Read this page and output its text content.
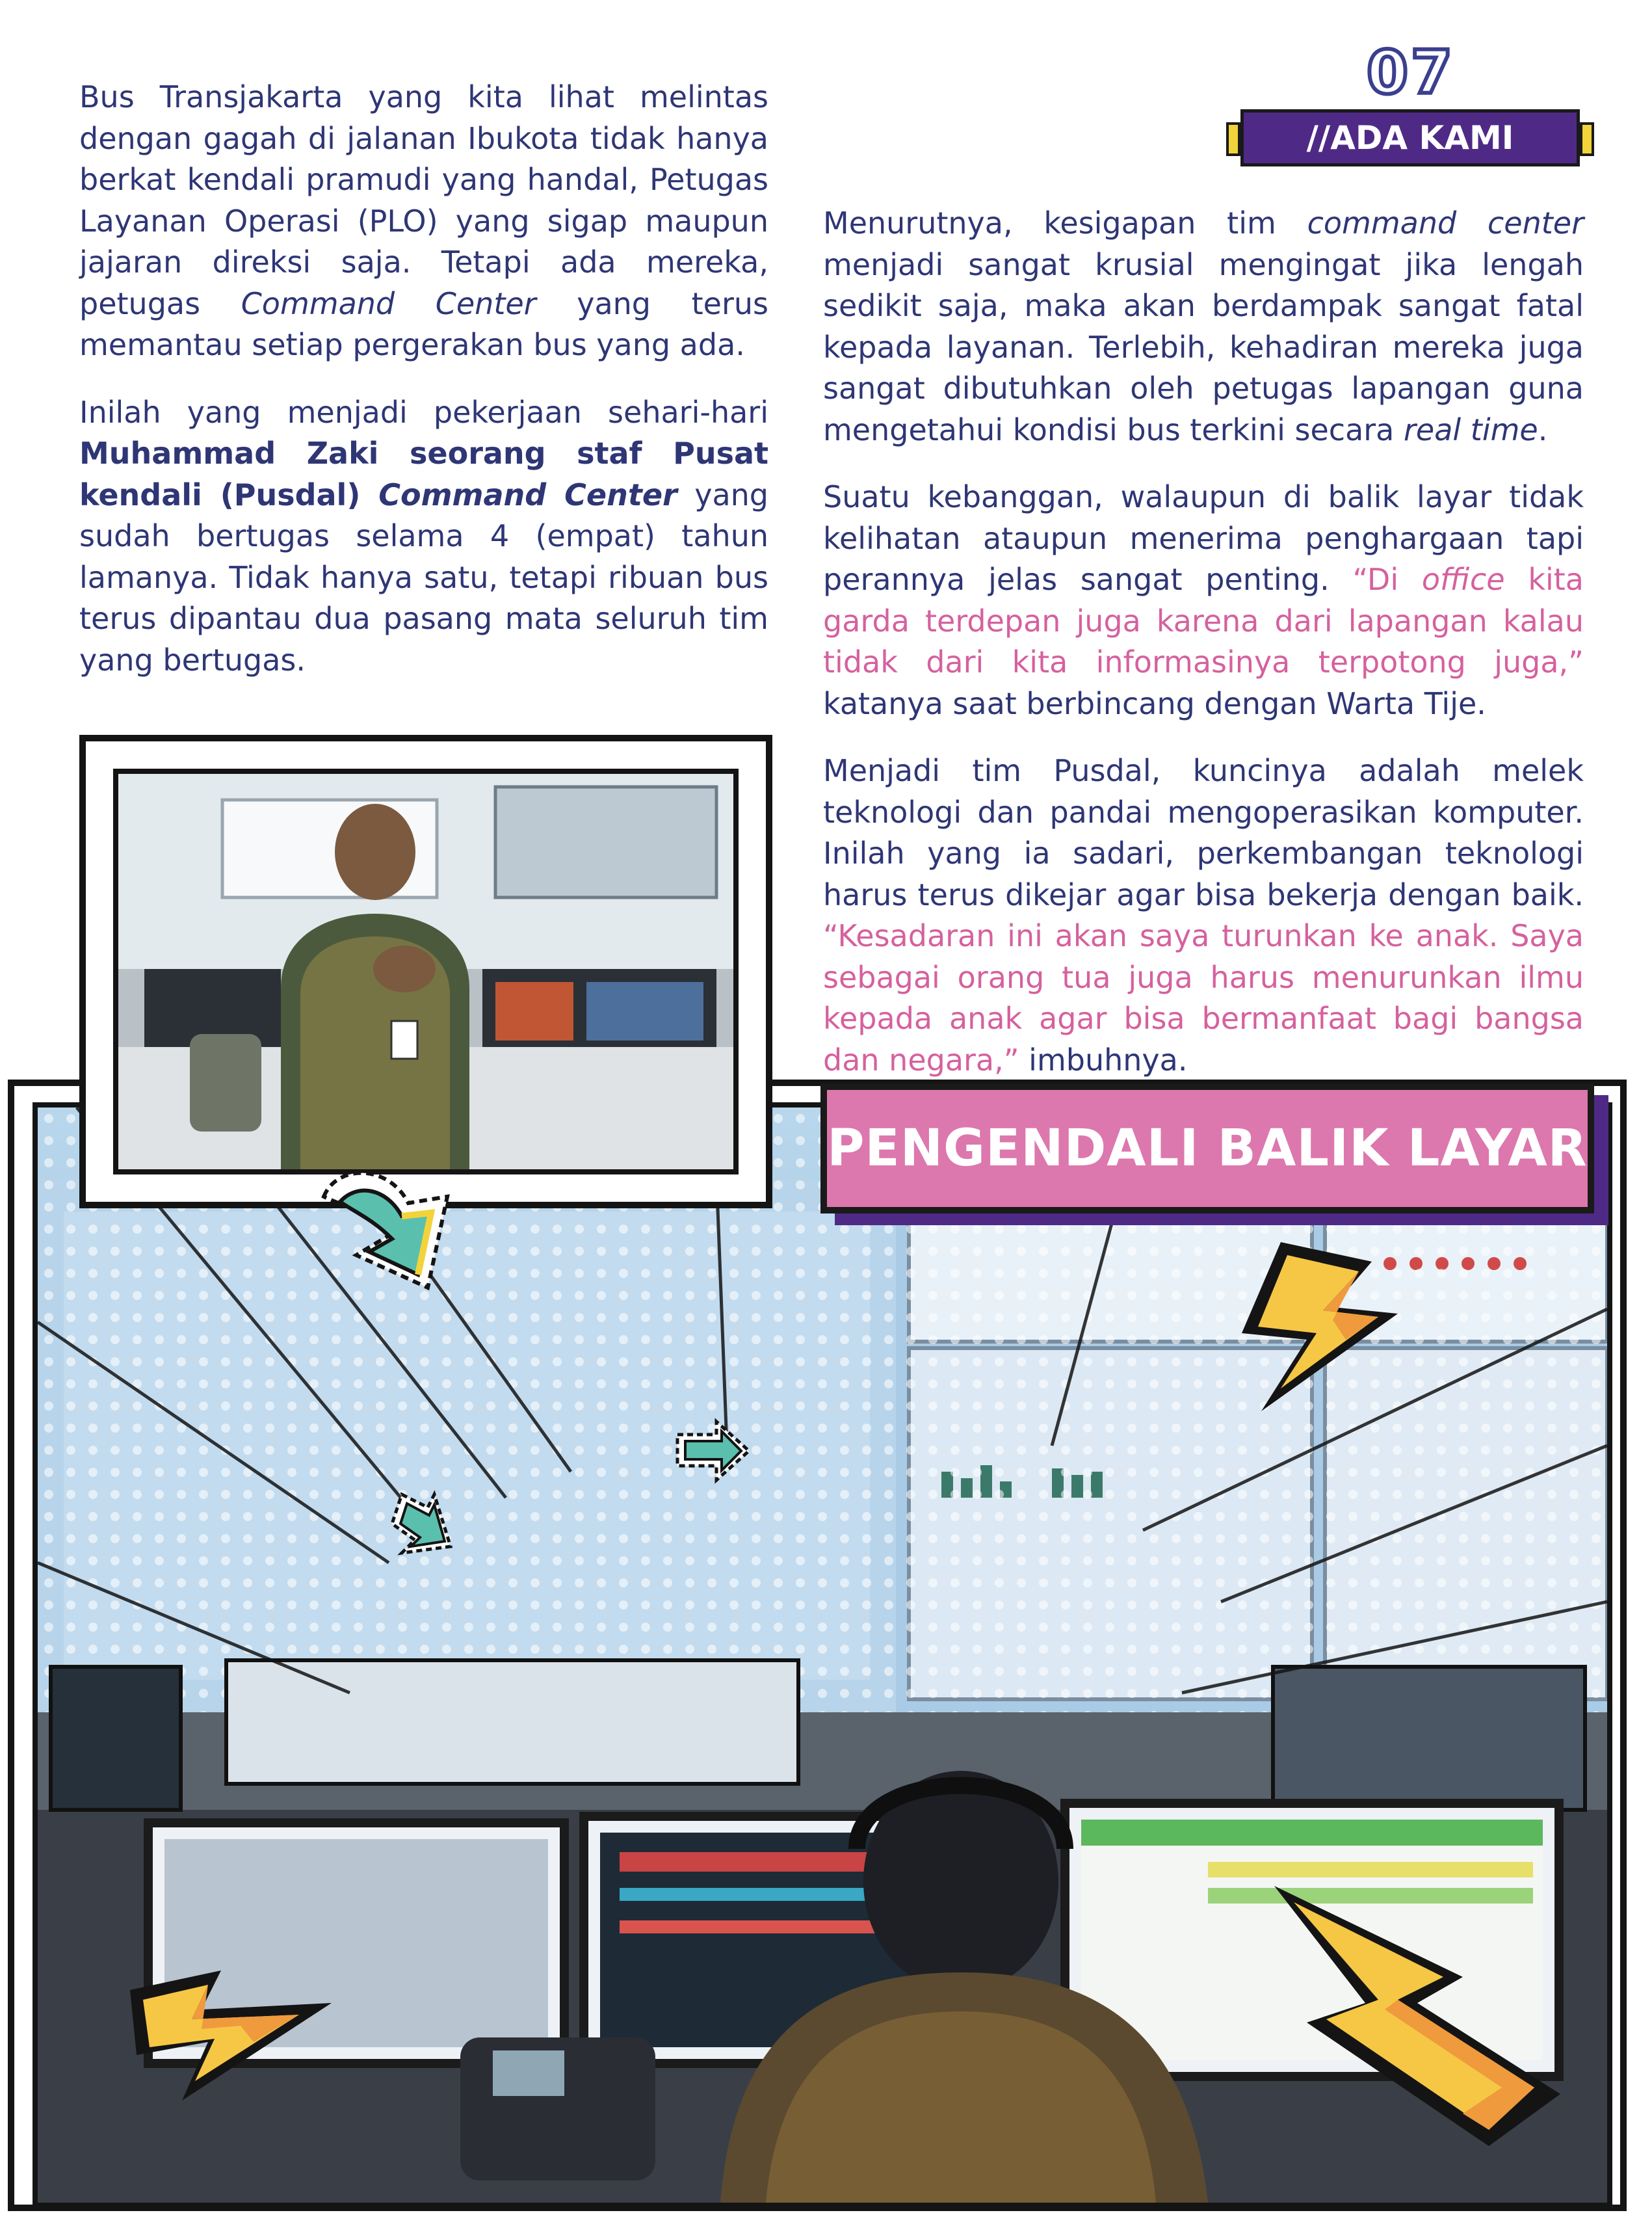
07
//ADA KAMI

Bus Transjakarta yang kita lihat melintas dengan gagah di jalanan Ibukota tidak hanya berkat kendali pramudi yang handal, Petugas Layanan Operasi (PLO) yang sigap maupun jajaran direksi saja. Tetapi ada mereka, petugas Command Center yang terus memantau setiap pergerakan bus yang ada.

Inilah yang menjadi pekerjaan sehari-hari Muhammad Zaki seorang staf Pusat kendali (Pusdal) Command Center yang sudah bertugas selama 4 (empat) tahun lamanya. Tidak hanya satu, tetapi ribuan bus terus dipantau dua pasang mata seluruh tim yang bertugas.

Menurutnya, kesigapan tim command center menjadi sangat krusial mengingat jika lengah sedikit saja, maka akan berdampak sangat fatal kepada layanan. Terlebih, kehadiran mereka juga sangat dibutuhkan oleh petugas lapangan guna mengetahui kondisi bus terkini secara real time.

Suatu kebanggan, walaupun di balik layar tidak kelihatan ataupun menerima penghargaan tapi perannya jelas sangat penting. “Di office kita garda terdepan juga karena dari lapangan kalau tidak dari kita informasinya terpotong juga,” katanya saat berbincang dengan Warta Tije.

Menjadi tim Pusdal, kuncinya adalah melek teknologi dan pandai mengoperasikan komputer. Inilah yang ia sadari, perkembangan teknologi harus terus dikejar agar bisa bekerja dengan baik. “Kesadaran ini akan saya turunkan ke anak. Saya sebagai orang tua juga harus menurunkan ilmu kepada anak agar bisa bermanfaat bagi bangsa dan negara,” imbuhnya.

PENGENDALI BALIK LAYAR
